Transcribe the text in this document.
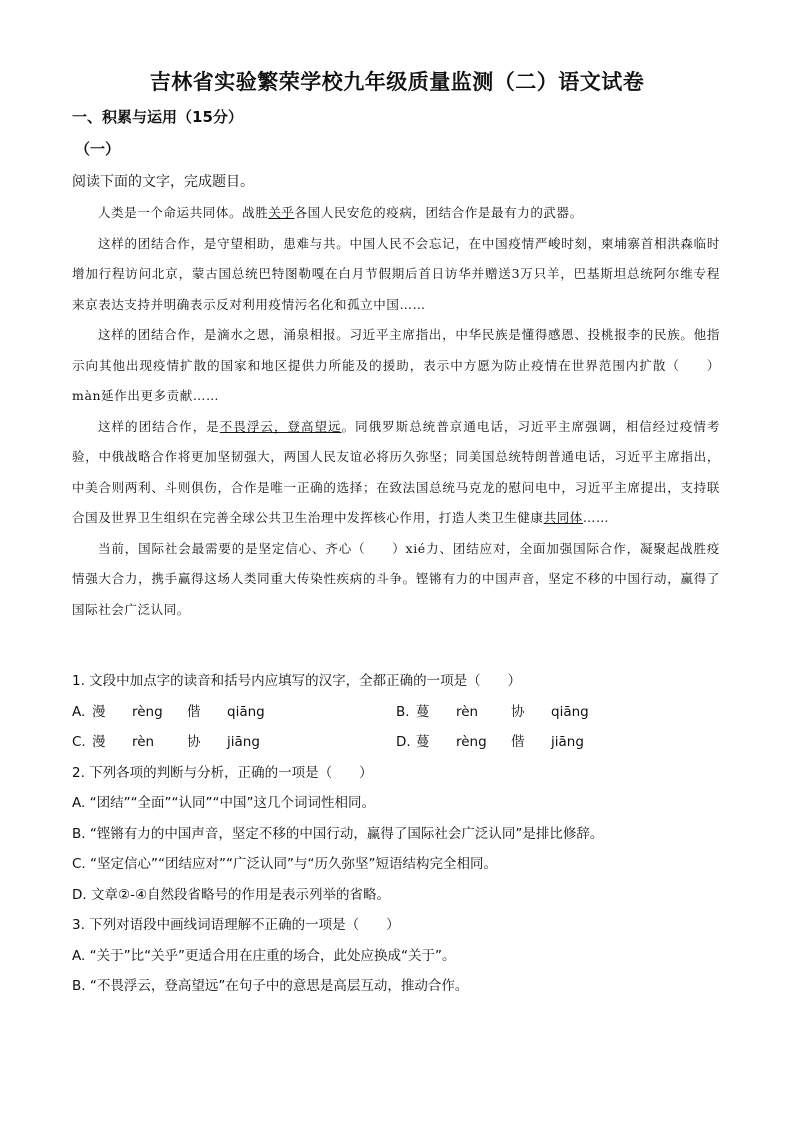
吉林省实验繁荣学校九年级质量监测（二）语文试卷
一、积累与运用（15分）
（一）
阅读下面的文字，完成题目。

人类是一个命运共同体。战胜关乎各国人民安危的疫病，团结合作是最有力的武器。

这样的团结合作，是守望相助，患难与共。中国人民不会忘记，在中国疫情严峻时刻，柬埔寨首相洪森临时增加行程访问北京，蒙古国总统巴特图勒嘎在白月节假期后首日访华并赠送3万只羊，巴基斯坦总统阿尔维专程来京表达支持并明确表示反对利用疫情污名化和孤立中国……

这样的团结合作，是滴水之恩，涌泉相报。习近平主席指出，中华民族是懂得感恩、投桃报李的民族。他指示向其他出现疫情扩散的国家和地区提供力所能及的援助，表示中方愿为防止疫情在世界范围内扩散（　　）màn延作出更多贡献……

这样的团结合作，是不畏浮云，登高望远。同俄罗斯总统普京通电话，习近平主席强调，相信经过疫情考验，中俄战略合作将更加坚韧强大，两国人民友谊必将历久弥坚；同美国总统特朗普通电话，习近平主席指出，中美合则两利、斗则俱伤，合作是唯一正确的选择；在致法国总统马克龙的慰问电中，习近平主席提出，支持联合国及世界卫生组织在完善全球公共卫生治理中发挥核心作用，打造人类卫生健康共同体……

当前，国际社会最需要的是坚定信心、齐心（　　）xié力、团结应对，全面加强国际合作，凝聚起战胜疫情强大合力，携手赢得这场人类同重大传染性疾病的斗争。铿锵有力的中国声音，坚定不移的中国行动，赢得了国际社会广泛认同。

1. 文段中加点字的读音和括号内应填写的汉字，全都正确的一项是（　　）
A. 漫 rèng 偕 qiāng	B. 蔓 rèn 协 qiāng
C. 漫 rèn 协 jiāng	D. 蔓 rèng 偕 jiāng
2. 下列各项的判断与分析，正确的一项是（　　）
A. “团结”“全面”“认同”“中国”这几个词词性相同。
B. “铿锵有力的中国声音，坚定不移的中国行动，赢得了国际社会广泛认同”是排比修辞。
C. “坚定信心”“团结应对”“广泛认同”与“历久弥坚”短语结构完全相同。
D. 文章②-④自然段省略号的作用是表示列举的省略。
3. 下列对语段中画线词语理解不正确的一项是（　　）
A. “关于”比“关乎”更适合用在庄重的场合，此处应换成“关于”。
B. “不畏浮云，登高望远”在句子中的意思是高层互动，推动合作。
